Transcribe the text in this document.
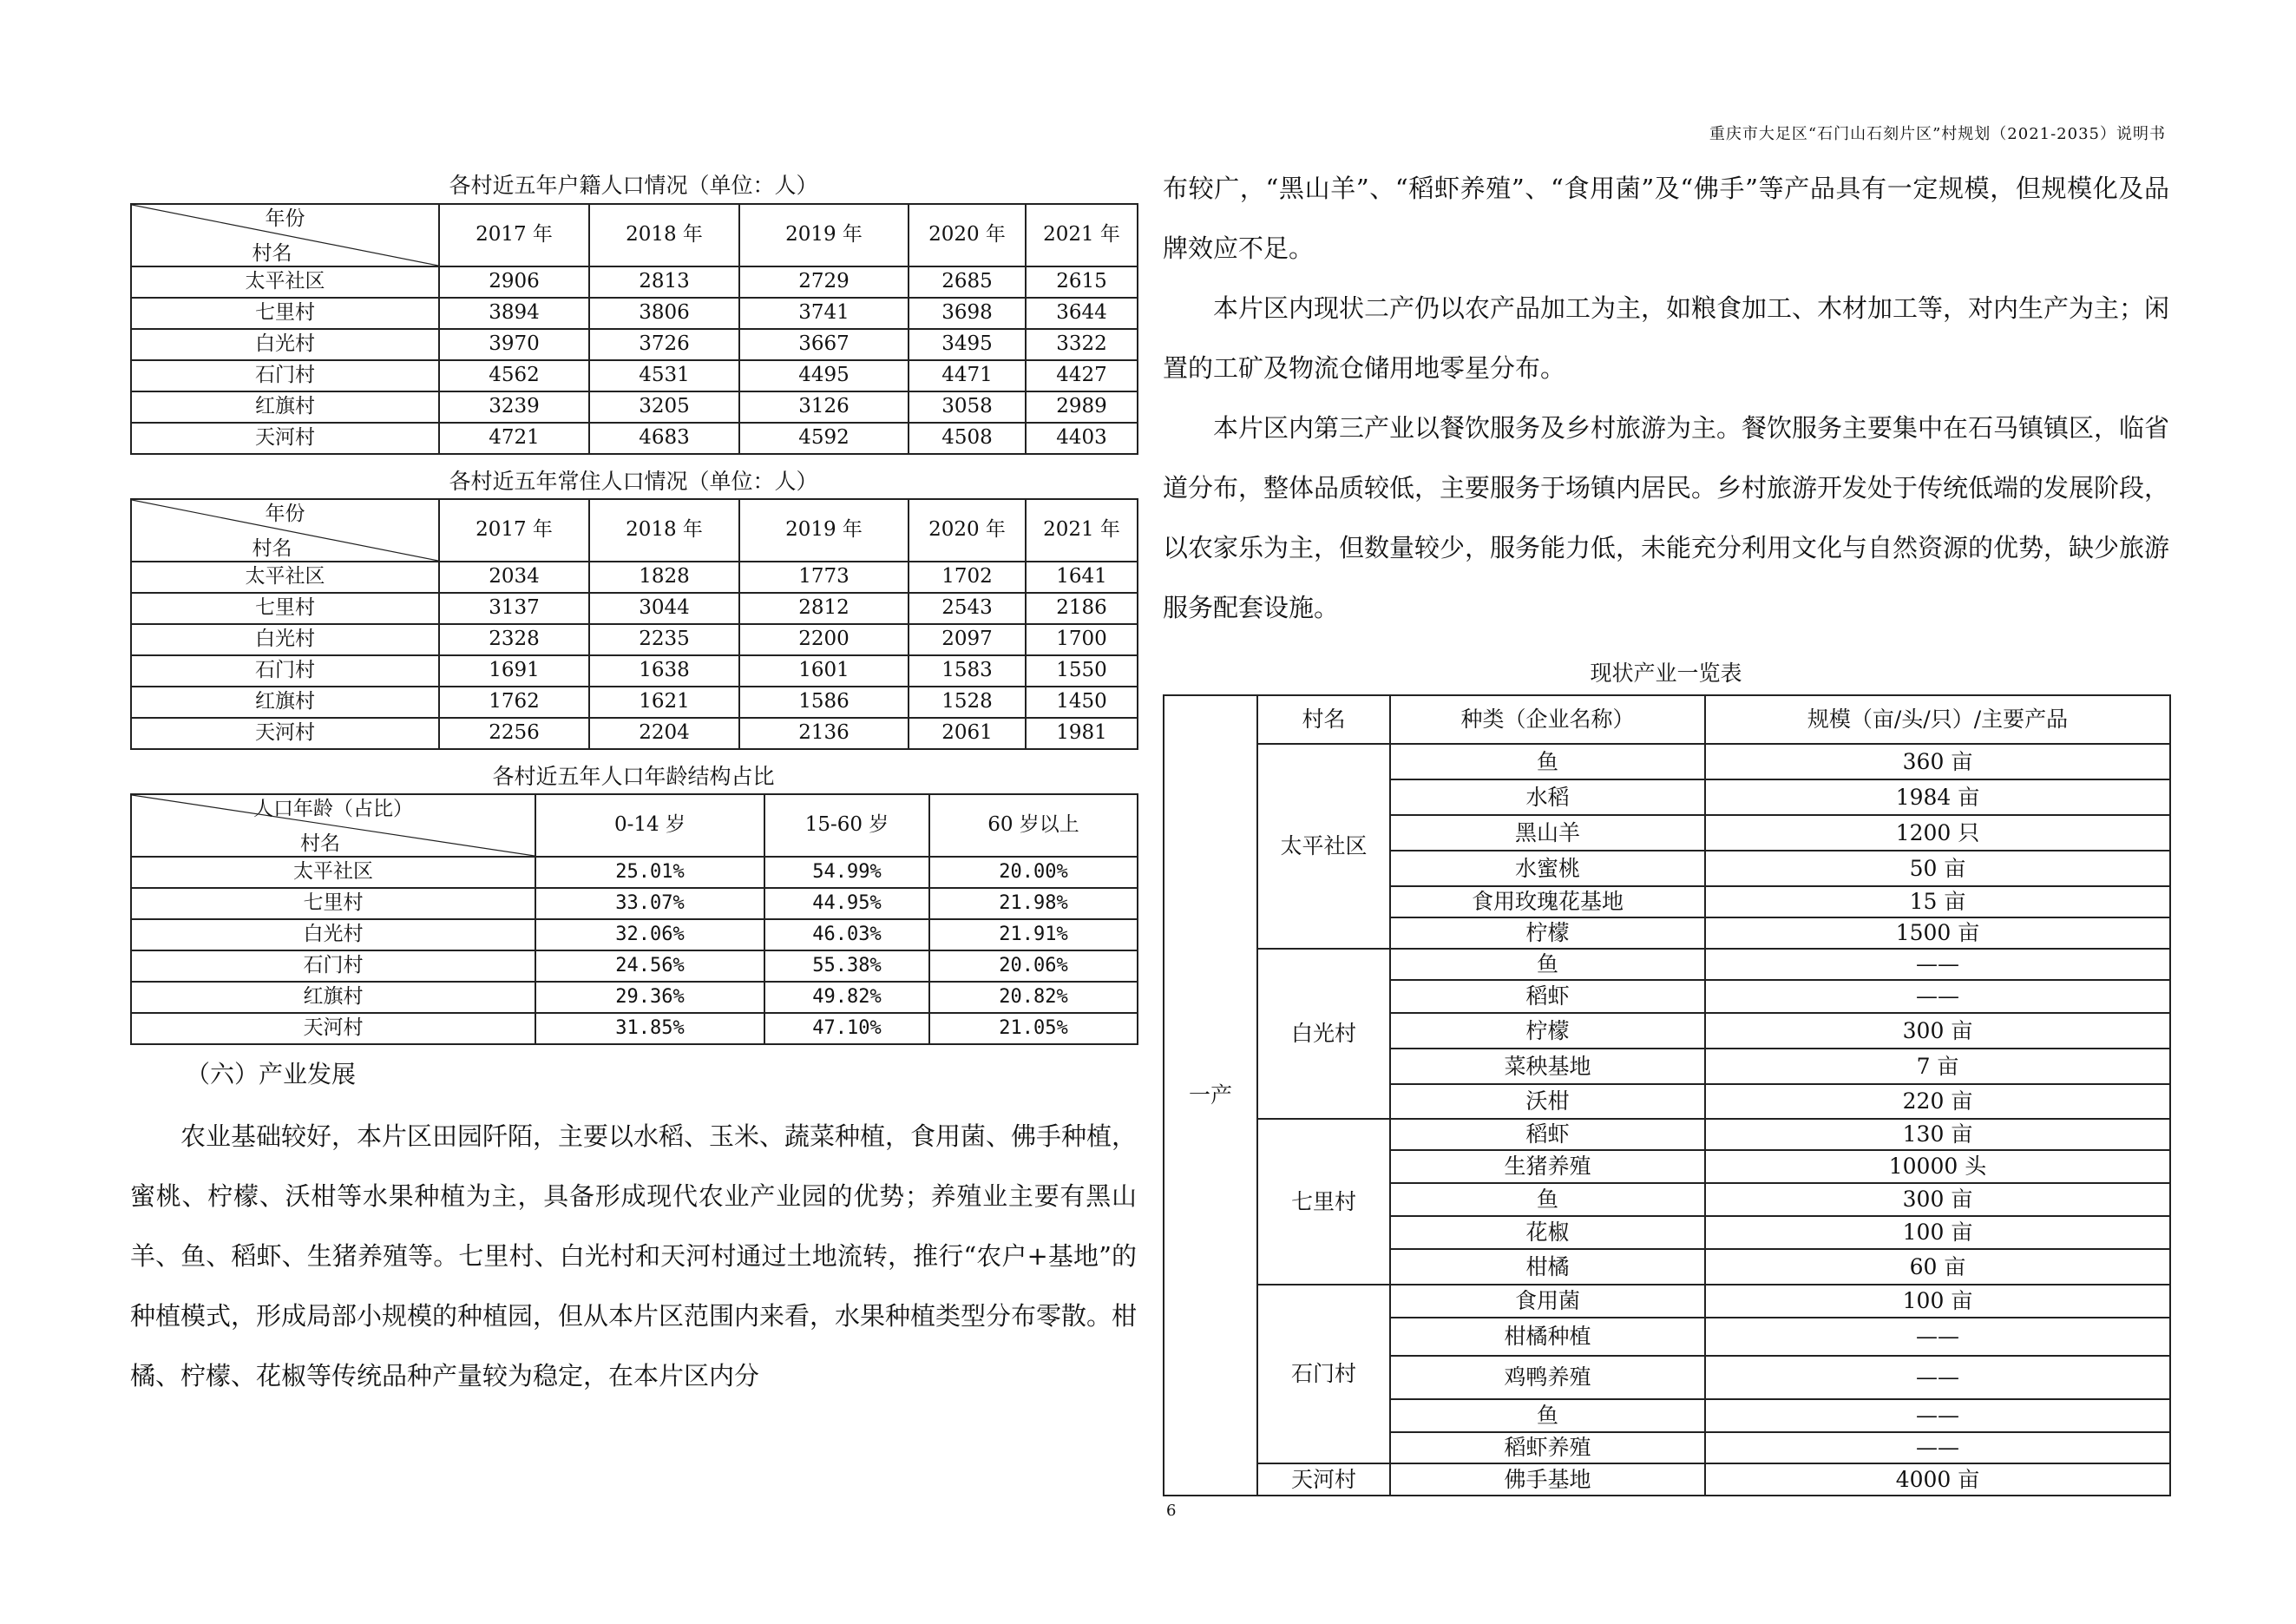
重庆市大足区“石门山石刻片区”村规划（2021-2035）说明书
各村近五年户籍人口情况（单位：人）
年份
村名	2017 年	2018 年	2019 年	2020 年	2021 年
太平社区	2906	2813	2729	2685	2615
七里村	3894	3806	3741	3698	3644
白光村	3970	3726	3667	3495	3322
石门村	4562	4531	4495	4471	4427
红旗村	3239	3205	3126	3058	2989
天河村	4721	4683	4592	4508	4403
各村近五年常住人口情况（单位：人）
年份
村名	2017 年	2018 年	2019 年	2020 年	2021 年
太平社区	2034	1828	1773	1702	1641
七里村	3137	3044	2812	2543	2186
白光村	2328	2235	2200	2097	1700
石门村	1691	1638	1601	1583	1550
红旗村	1762	1621	1586	1528	1450
天河村	2256	2204	2136	2061	1981
各村近五年人口年龄结构占比
人口年龄（占比）
村名	0-14 岁	15-60 岁	60 岁以上
太平社区	25.01%	54.99%	20.00%
七里村	33.07%	44.95%	21.98%
白光村	32.06%	46.03%	21.91%
石门村	24.56%	55.38%	20.06%
红旗村	29.36%	49.82%	20.82%
天河村	31.85%	47.10%	21.05%
（六）产业发展

农业基础较好，本片区田园阡陌，主要以水稻、玉米、蔬菜种植，食用菌、佛手种植，蜜桃、柠檬、沃柑等水果种植为主，具备形成现代农业产业园的优势；养殖业主要有黑山羊、鱼、稻虾、生猪养殖等。七里村、白光村和天河村通过土地流转，推行“农户+基地”的种植模式，形成局部小规模的种植园，但从本片区范围内来看，水果种植类型分布零散。柑橘、柠檬、花椒等传统品种产量较为稳定，在本片区内分

布较广，“黑山羊”、“稻虾养殖”、“食用菌”及“佛手”等产品具有一定规模，但规模化及品牌效应不足。

本片区内现状二产仍以农产品加工为主，如粮食加工、木材加工等，对内生产为主；闲置的工矿及物流仓储用地零星分布。

本片区内第三产业以餐饮服务及乡村旅游为主。餐饮服务主要集中在石马镇镇区，临省道分布，整体品质较低，主要服务于场镇内居民。乡村旅游开发处于传统低端的发展阶段，以农家乐为主，但数量较少，服务能力低，未能充分利用文化与自然资源的优势，缺少旅游服务配套设施。

现状产业一览表
一产	村名	种类（企业名称）	规模（亩/头/只）/主要产品
	太平社区	鱼	360 亩
		水稻	1984 亩
		黑山羊	1200 只
		水蜜桃	50 亩
		食用玫瑰花基地	15 亩
		柠檬	1500 亩
	白光村	鱼	——
		稻虾	——
		柠檬	300 亩
		菜秧基地	7 亩
		沃柑	220 亩
	七里村	稻虾	130 亩
		生猪养殖	10000 头
		鱼	300 亩
		花椒	100 亩
		柑橘	60 亩
	石门村	食用菌	100 亩
		柑橘种植	——
		鸡鸭养殖	——
		鱼	——
		稻虾养殖	——
	天河村	佛手基地	4000 亩
6
